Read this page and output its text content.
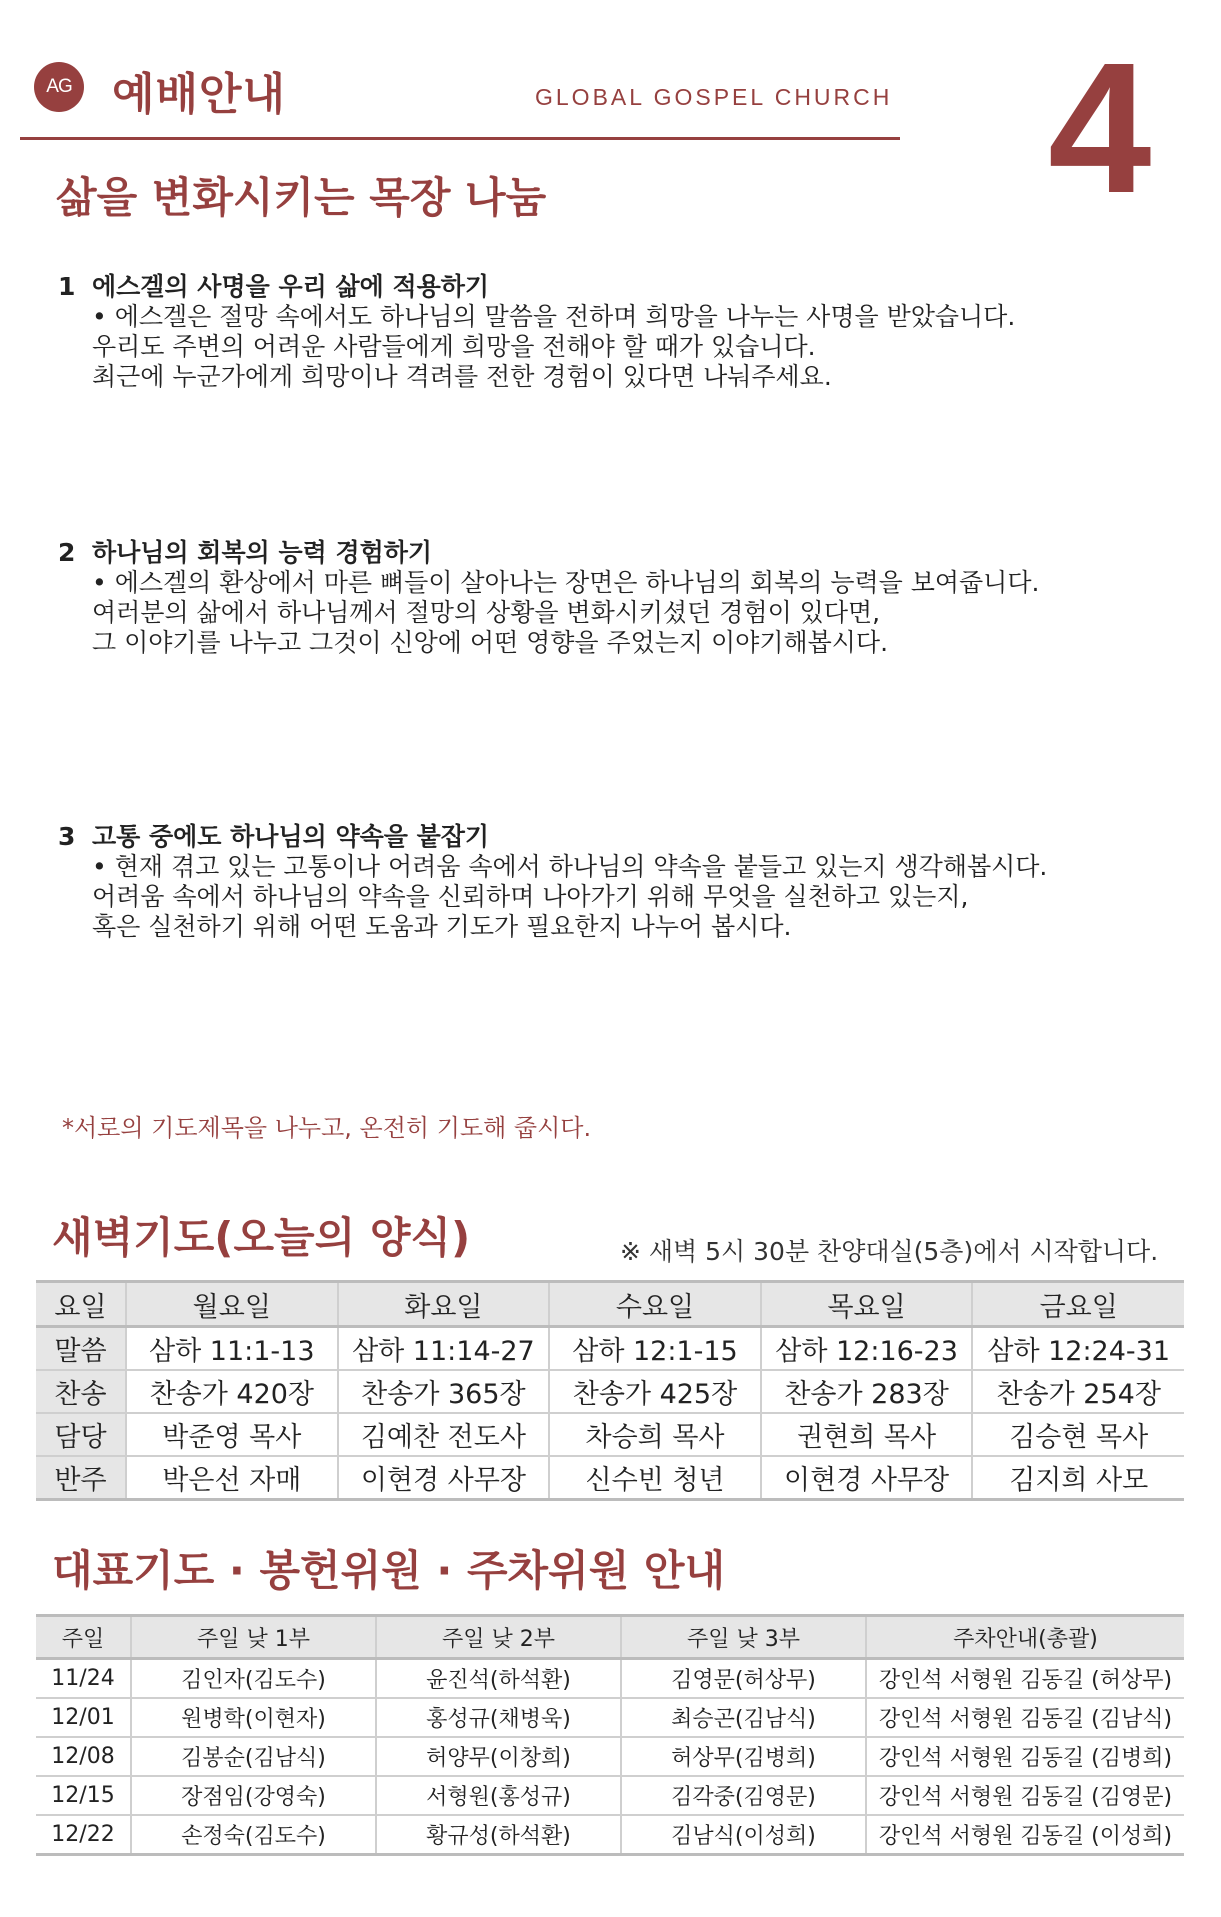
AG 예배안내	GLOBAL GOSPEL CHURCH 4
삶을 변화시키는 목장 나눔
1 에스겔의 사명을 우리 삶에 적용하기
• 에스겔은 절망 속에서도 하나님의 말씀을 전하며 희망을 나누는 사명을 받았습니다.
우리도 주변의 어려운 사람들에게 희망을 전해야 할 때가 있습니다.
최근에 누군가에게 희망이나 격려를 전한 경험이 있다면 나눠주세요.
2 하나님의 회복의 능력 경험하기
• 에스겔의 환상에서 마른 뼈들이 살아나는 장면은 하나님의 회복의 능력을 보여줍니다.
여러분의 삶에서 하나님께서 절망의 상황을 변화시키셨던 경험이 있다면,
그 이야기를 나누고 그것이 신앙에 어떤 영향을 주었는지 이야기해봅시다.
3 고통 중에도 하나님의 약속을 붙잡기
• 현재 겪고 있는 고통이나 어려움 속에서 하나님의 약속을 붙들고 있는지 생각해봅시다.
어려움 속에서 하나님의 약속을 신뢰하며 나아가기 위해 무엇을 실천하고 있는지,
혹은 실천하기 위해 어떤 도움과 기도가 필요한지 나누어 봅시다.
*서로의 기도제목을 나누고, 온전히 기도해 줍시다.
새벽기도(오늘의 양식)	※ 새벽 5시 30분 찬양대실(5층)에서 시작합니다.
요일	월요일	화요일	수요일	목요일	금요일
말씀	삼하 11:1-13	삼하 11:14-27	삼하 12:1-15	삼하 12:16-23	삼하 12:24-31
찬송	찬송가 420장	찬송가 365장	찬송가 425장	찬송가 283장	찬송가 254장
담당	박준영 목사	김예찬 전도사	차승희 목사	권현희 목사	김승현 목사
반주	박은선 자매	이현경 사무장	신수빈 청년	이현경 사무장	김지희 사모
대표기도 · 봉헌위원 · 주차위원 안내
주일	주일 낮 1부	주일 낮 2부	주일 낮 3부	주차안내(총괄)
11/24	김인자(김도수)	윤진석(하석환)	김영문(허상무)	강인석 서형원 김동길 (허상무)
12/01	원병학(이현자)	홍성규(채병욱)	최승곤(김남식)	강인석 서형원 김동길 (김남식)
12/08	김봉순(김남식)	허양무(이창희)	허상무(김병희)	강인석 서형원 김동길 (김병희)
12/15	장점임(강영숙)	서형원(홍성규)	김각중(김영문)	강인석 서형원 김동길 (김영문)
12/22	손정숙(김도수)	황규성(하석환)	김남식(이성희)	강인석 서형원 김동길 (이성희)
